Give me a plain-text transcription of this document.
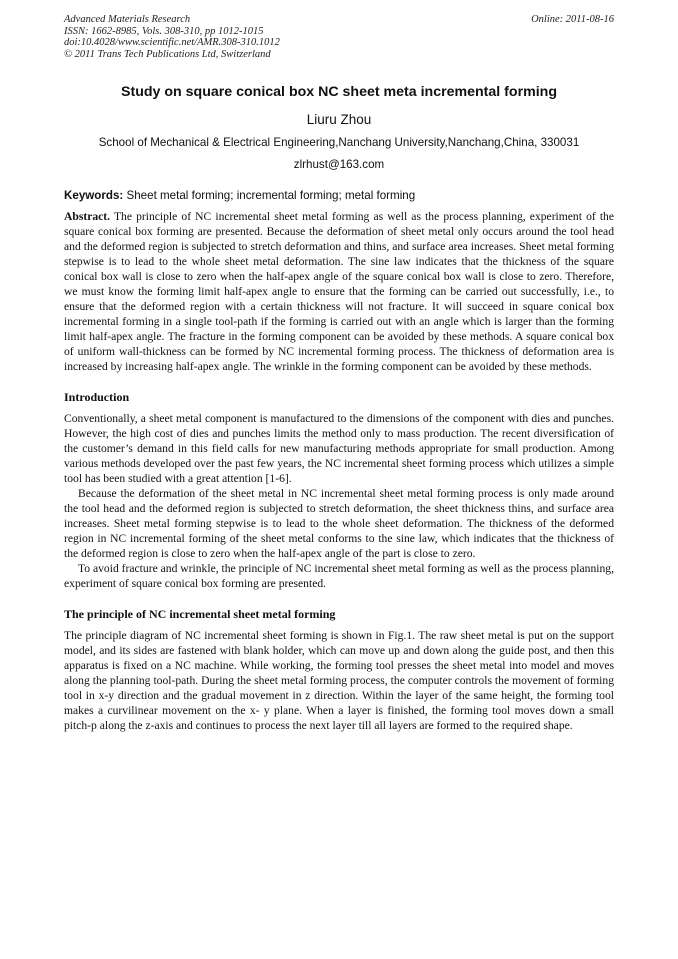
Advanced Materials Research
ISSN: 1662-8985, Vols. 308-310, pp 1012-1015
doi:10.4028/www.scientific.net/AMR.308-310.1012
© 2011 Trans Tech Publications Ltd, Switzerland
Online: 2011-08-16
Study on square conical box NC sheet meta incremental forming
Liuru Zhou
School of Mechanical & Electrical Engineering,Nanchang University,Nanchang,China, 330031
zlrhust@163.com
Keywords: Sheet metal forming; incremental forming; metal forming

Abstract. The principle of NC incremental sheet metal forming as well as the process planning, experiment of the square conical box forming are presented. Because the deformation of sheet metal only occurs around the tool head and the deformed region is subjected to stretch deformation and thins, and surface area increases. Sheet metal forming stepwise is to lead to the whole sheet metal deformation. The sine law indicates that the thickness of the square conical box wall is close to zero when the half-apex angle of the square conical box wall is close to zero. Therefore, we must know the forming limit half-apex angle to ensure that the forming can be carried out successfully, i.e., to ensure that the deformed region with a certain thickness will not fracture. It will succeed in square conical box incremental forming in a single tool-path if the forming is carried out with an angle which is larger than the forming limit half-apex angle. The fracture in the forming component can be avoided by these methods. A square conical box of uniform wall-thickness can be formed by NC incremental forming process. The thickness of deformation area is increased by increasing half-apex angle. The wrinkle in the forming component can be avoided by these methods.

Introduction

Conventionally, a sheet metal component is manufactured to the dimensions of the component with dies and punches. However, the high cost of dies and punches limits the method only to mass production. The recent diversification of the customer’s demand in this field calls for new manufacturing methods appropriate for small production. Among various methods developed over the past few years, the NC incremental sheet forming process which utilizes a simple tool has been studied with a great attention [1-6].

Because the deformation of the sheet metal in NC incremental sheet metal forming process is only made around the tool head and the deformed region is subjected to stretch deformation, the sheet thickness thins, and surface area increases. Sheet metal forming stepwise is to lead to the whole sheet deformation. The thickness of the deformed region in NC incremental forming of the sheet metal conforms to the sine law, which indicates that the thickness of the deformed region is close to zero when the half-apex angle of the part is close to zero.

To avoid fracture and wrinkle, the principle of NC incremental sheet metal forming as well as the process planning, experiment of square conical box forming are presented.

The principle of NC incremental sheet metal forming

The principle diagram of NC incremental sheet forming is shown in Fig.1. The raw sheet metal is put on the support model, and its sides are fastened with blank holder, which can move up and down along the guide post, and then this apparatus is fixed on a NC machine. While working, the forming tool presses the sheet metal into model and moves along the planning tool-path. During the sheet metal forming process, the computer controls the movement of forming tool in x-y direction and the gradual movement in z direction. Within the layer of the same height, the forming tool makes a curvilinear movement on the x- y plane. When a layer is finished, the forming tool moves down a small pitch-p along the z-axis and continues to process the next layer till all layers are formed to the required shape.
